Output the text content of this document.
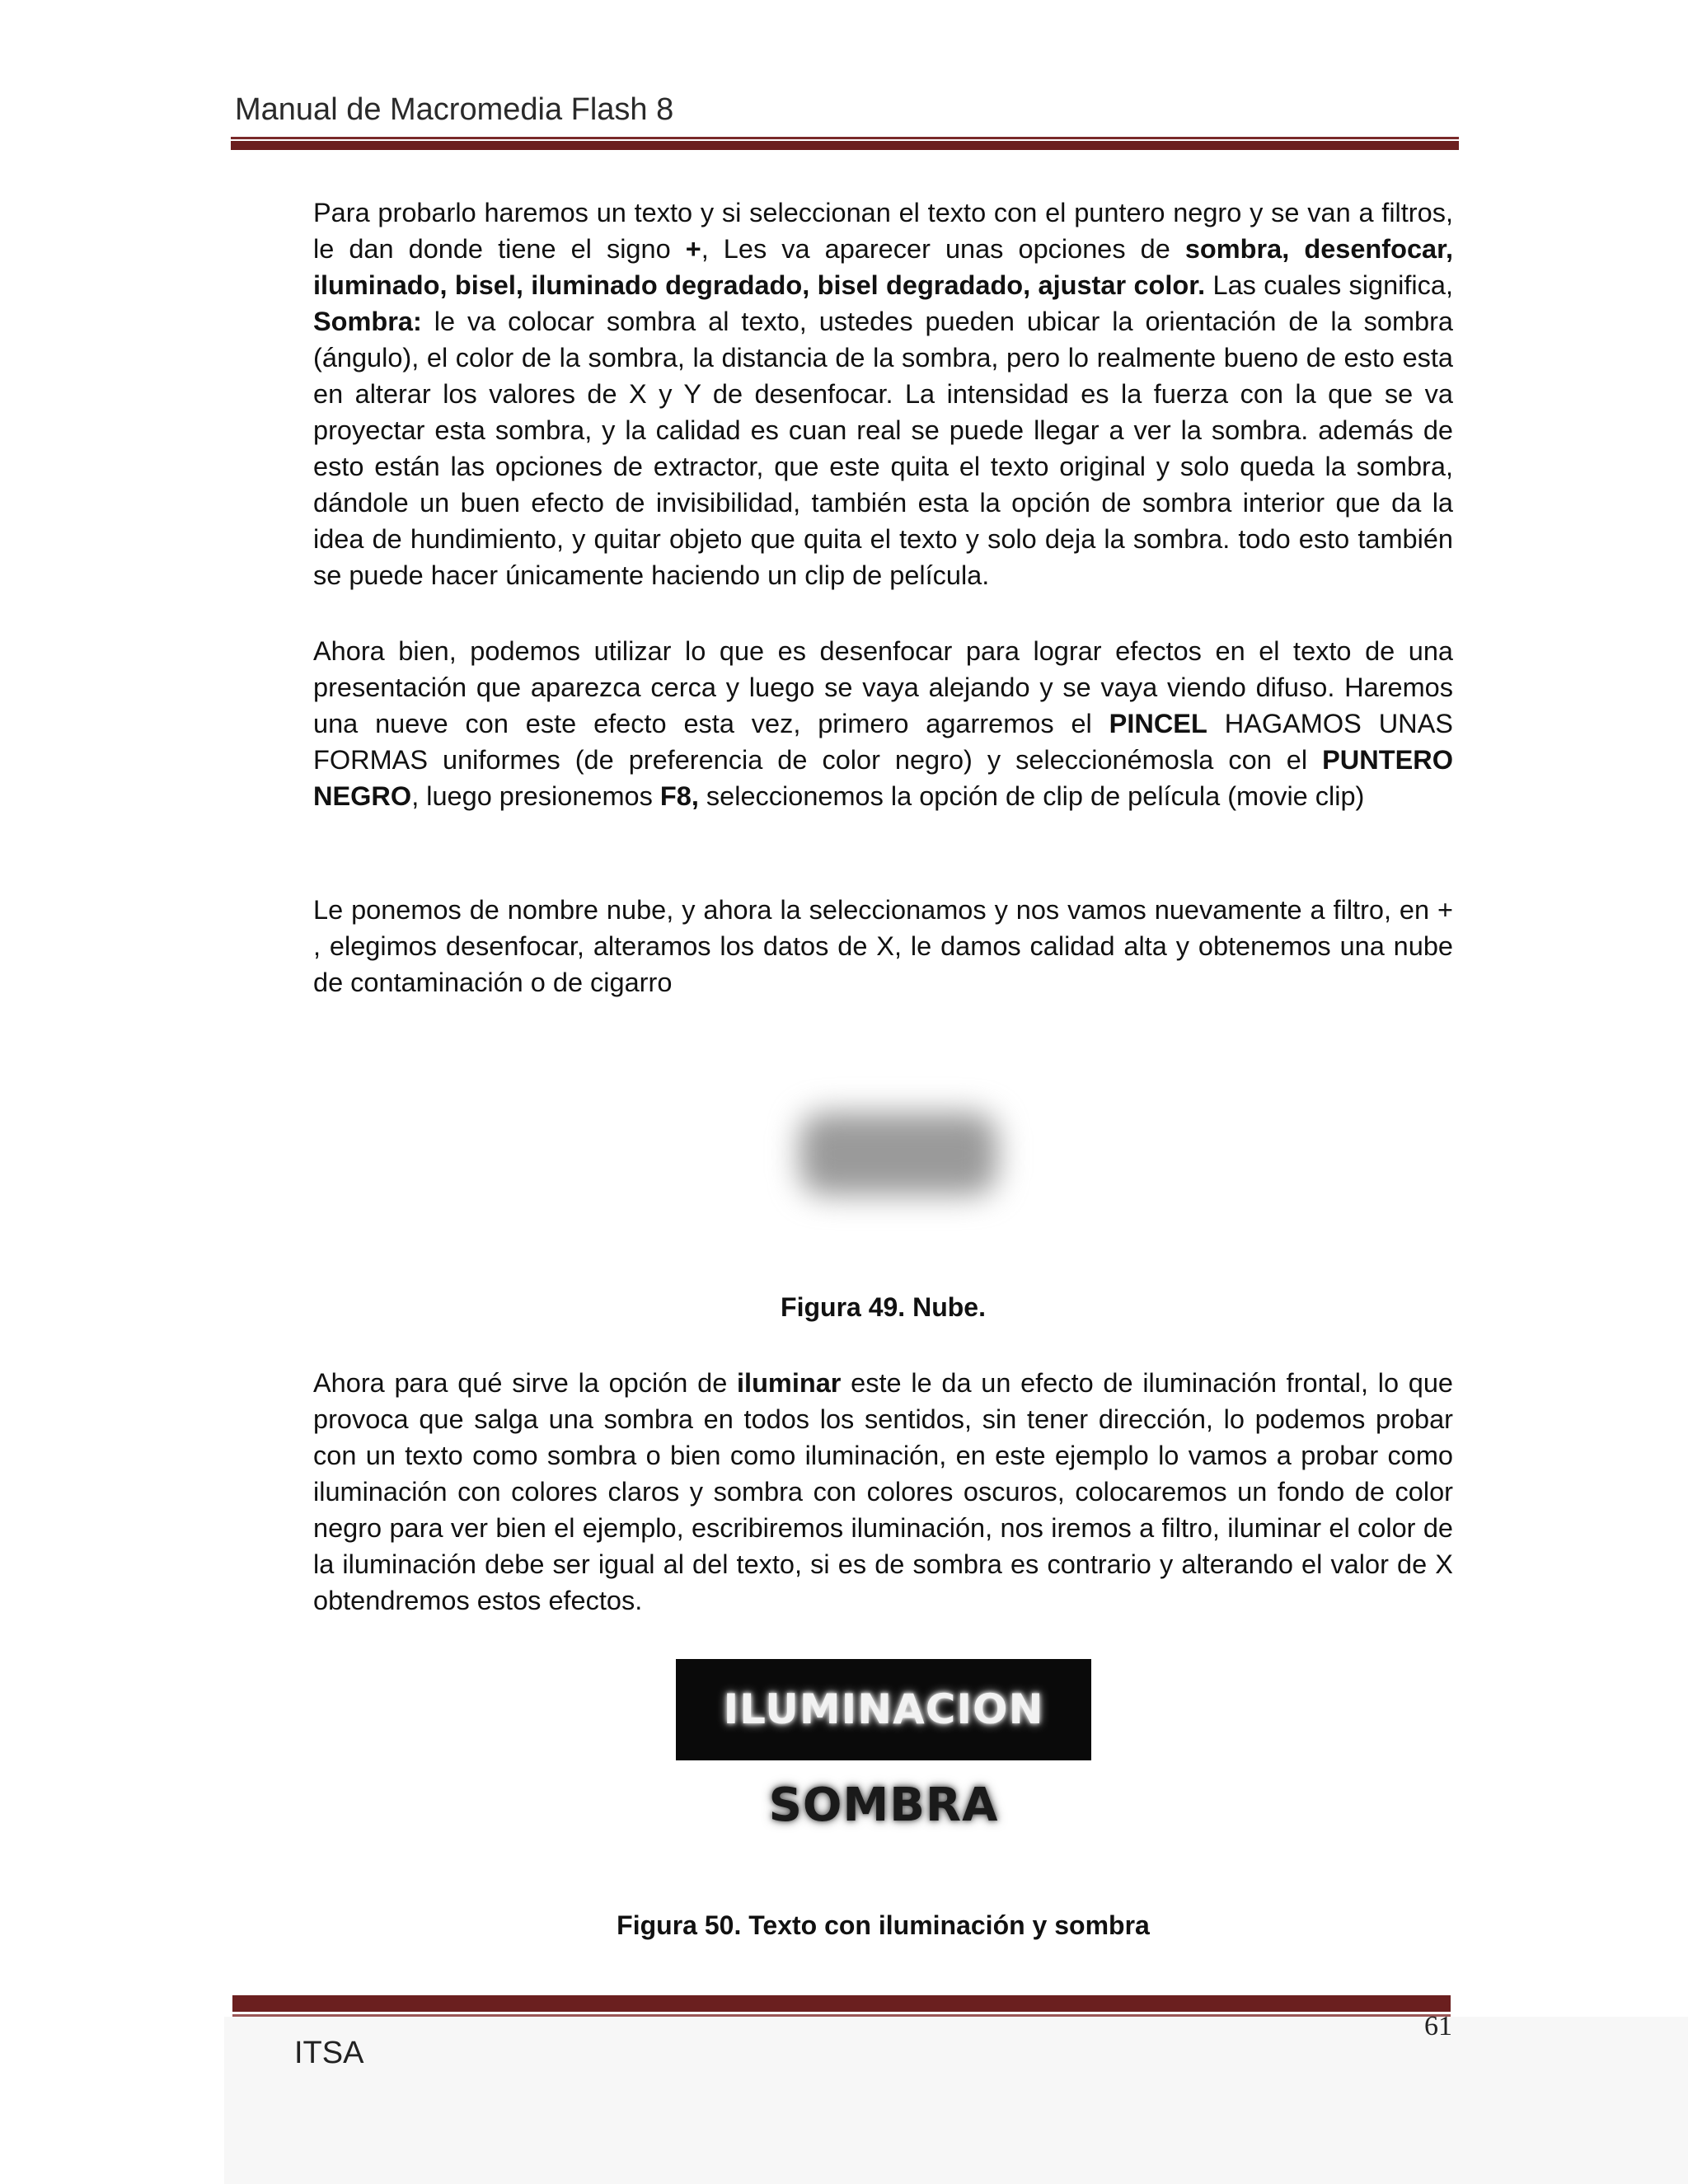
Manual de Macromedia Flash 8
Para probarlo haremos un texto y si seleccionan el texto con el puntero negro y se van a filtros, le dan donde tiene el signo +, Les va aparecer unas opciones de sombra, desenfocar, iluminado, bisel, iluminado degradado, bisel degradado, ajustar color. Las cuales significa, Sombra: le va colocar sombra al texto, ustedes pueden ubicar la orientación de la sombra (ángulo), el color de la sombra, la distancia de la sombra, pero lo realmente bueno de esto esta en alterar los valores de X y Y de desenfocar. La intensidad es la fuerza con la que se va proyectar esta sombra, y la calidad es cuan real se puede llegar a ver la sombra. además de esto están las opciones de extractor, que este quita el texto original y solo queda la sombra, dándole un buen efecto de invisibilidad, también esta la opción de sombra interior que da la idea de hundimiento, y quitar objeto que quita el texto y solo deja la sombra. todo esto también se puede hacer únicamente haciendo un clip de película.
Ahora bien, podemos utilizar lo que es desenfocar para lograr efectos en el texto de una presentación que aparezca cerca y luego se vaya alejando y se vaya viendo difuso. Haremos una nueve con este efecto esta vez, primero agarremos el PINCEL HAGAMOS UNAS FORMAS uniformes (de preferencia de color negro) y seleccionémosla con el PUNTERO NEGRO, luego presionemos F8, seleccionemos la opción de clip de película (movie clip)
Le ponemos de nombre nube, y ahora la seleccionamos y nos vamos nuevamente a filtro, en + , elegimos desenfocar, alteramos los datos de X, le damos calidad alta y obtenemos una nube de contaminación o de cigarro
Figura 49. Nube.
Ahora para qué sirve la opción de iluminar este le da un efecto de iluminación frontal, lo que provoca que salga una sombra en todos los sentidos, sin tener dirección, lo podemos probar con un texto como sombra o bien como iluminación, en este ejemplo lo vamos a probar como iluminación con colores claros y sombra con colores oscuros, colocaremos un fondo de color negro para ver bien el ejemplo, escribiremos iluminación, nos iremos a filtro, iluminar el color de la iluminación debe ser igual al del texto, si es de sombra es contrario y alterando el valor de X obtendremos estos efectos.
ILUMINACION
SOMBRA
Figura 50. Texto con iluminación y sombra
61
ITSA
